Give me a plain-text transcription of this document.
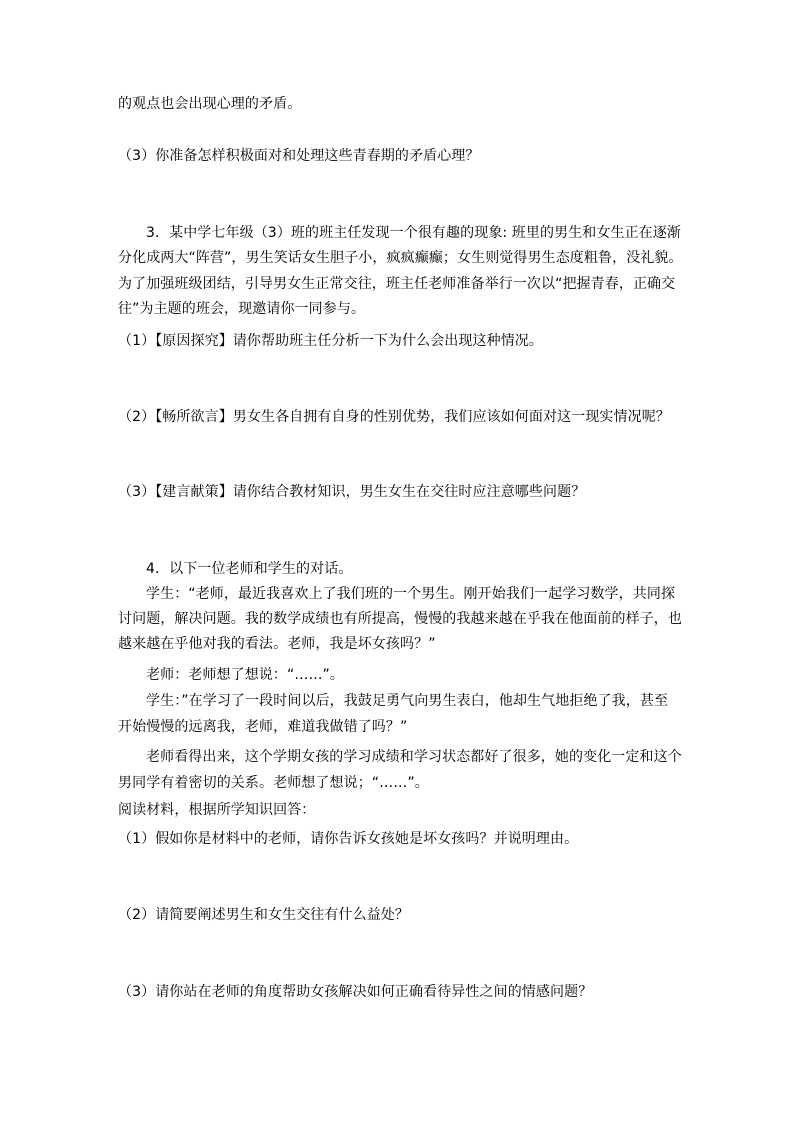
的观点也会出现心理的矛盾。
（3）你准备怎样积极面对和处理这些青春期的矛盾心理？
3．某中学七年级（3）班的班主任发现一个很有趣的现象: 班里的男生和女生正在逐渐
分化成两大“阵营”，男生笑话女生胆子小，疯疯癫癫；女生则觉得男生态度粗鲁，没礼貌。
为了加强班级团结，引导男女生正常交往，班主任老师准备举行一次以“把握青春，正确交
往”为主题的班会，现邀请你一同参与。
（1）【原因探究】请你帮助班主任分析一下为什么会出现这种情况。
（2）【畅所欲言】男女生各自拥有自身的性别优势，我们应该如何面对这一现实情况呢？
（3）【建言献策】请你结合教材知识，男生女生在交往时应注意哪些问题？
4．以下一位老师和学生的对话。
学生：“老师，最近我喜欢上了我们班的一个男生。刚开始我们一起学习数学，共同探
讨问题，解决问题。我的数学成绩也有所提高，慢慢的我越来越在乎我在他面前的样子，也
越来越在乎他对我的看法。老师，我是坏女孩吗？”
老师：老师想了想说：“……”。
学生：”在学习了一段时间以后，我鼓足勇气向男生表白，他却生气地拒绝了我，甚至
开始慢慢的远离我，老师，难道我做错了吗？”
老师看得出来，这个学期女孩的学习成绩和学习状态都好了很多，她的变化一定和这个
男同学有着密切的关系。老师想了想说；“……”。
阅读材料，根据所学知识回答：
（1）假如你是材料中的老师，请你告诉女孩她是坏女孩吗？并说明理由。
（2）请简要阐述男生和女生交往有什么益处？
（3）请你站在老师的角度帮助女孩解决如何正确看待异性之间的情感问题？
